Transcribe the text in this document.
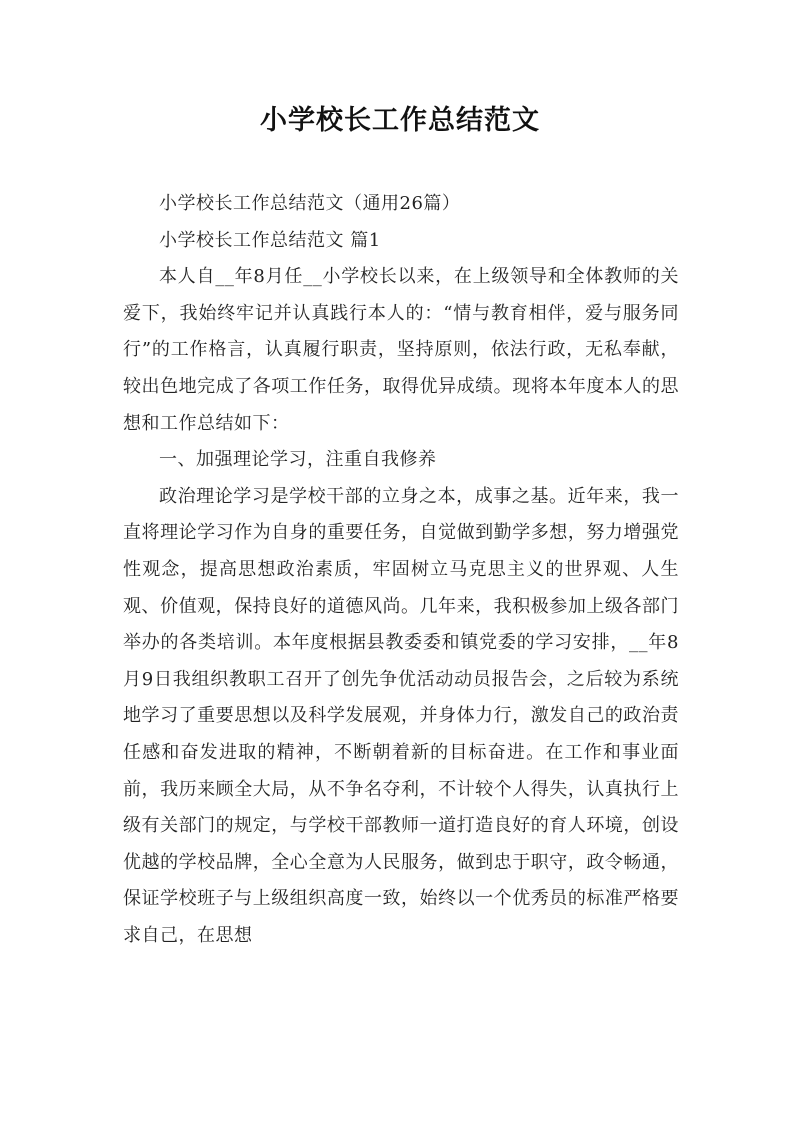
小学校长工作总结范文

小学校长工作总结范文（通用26篇）

小学校长工作总结范文 篇1

本人自__年8月任__小学校长以来，在上级领导和全体教师的关爱下，我始终牢记并认真践行本人的：“情与教育相伴，爱与服务同行”的工作格言，认真履行职责，坚持原则，依法行政，无私奉献，较出色地完成了各项工作任务，取得优异成绩。现将本年度本人的思想和工作总结如下：

一、加强理论学习，注重自我修养

政治理论学习是学校干部的立身之本，成事之基。近年来，我一直将理论学习作为自身的重要任务，自觉做到勤学多想，努力增强党性观念，提高思想政治素质，牢固树立马克思主义的世界观、人生观、价值观，保持良好的道德风尚。几年来，我积极参加上级各部门举办的各类培训。本年度根据县教委委和镇党委的学习安排，__年8月9日我组织教职工召开了创先争优活动动员报告会，之后较为系统地学习了重要思想以及科学发展观，并身体力行，激发自己的政治责任感和奋发进取的精神，不断朝着新的目标奋进。在工作和事业面前，我历来顾全大局，从不争名夺利，不计较个人得失，认真执行上级有关部门的规定，与学校干部教师一道打造良好的育人环境，创设优越的学校品牌，全心全意为人民服务，做到忠于职守，政令畅通，保证学校班子与上级组织高度一致，始终以一个优秀员的标准严格要求自己，在思想
